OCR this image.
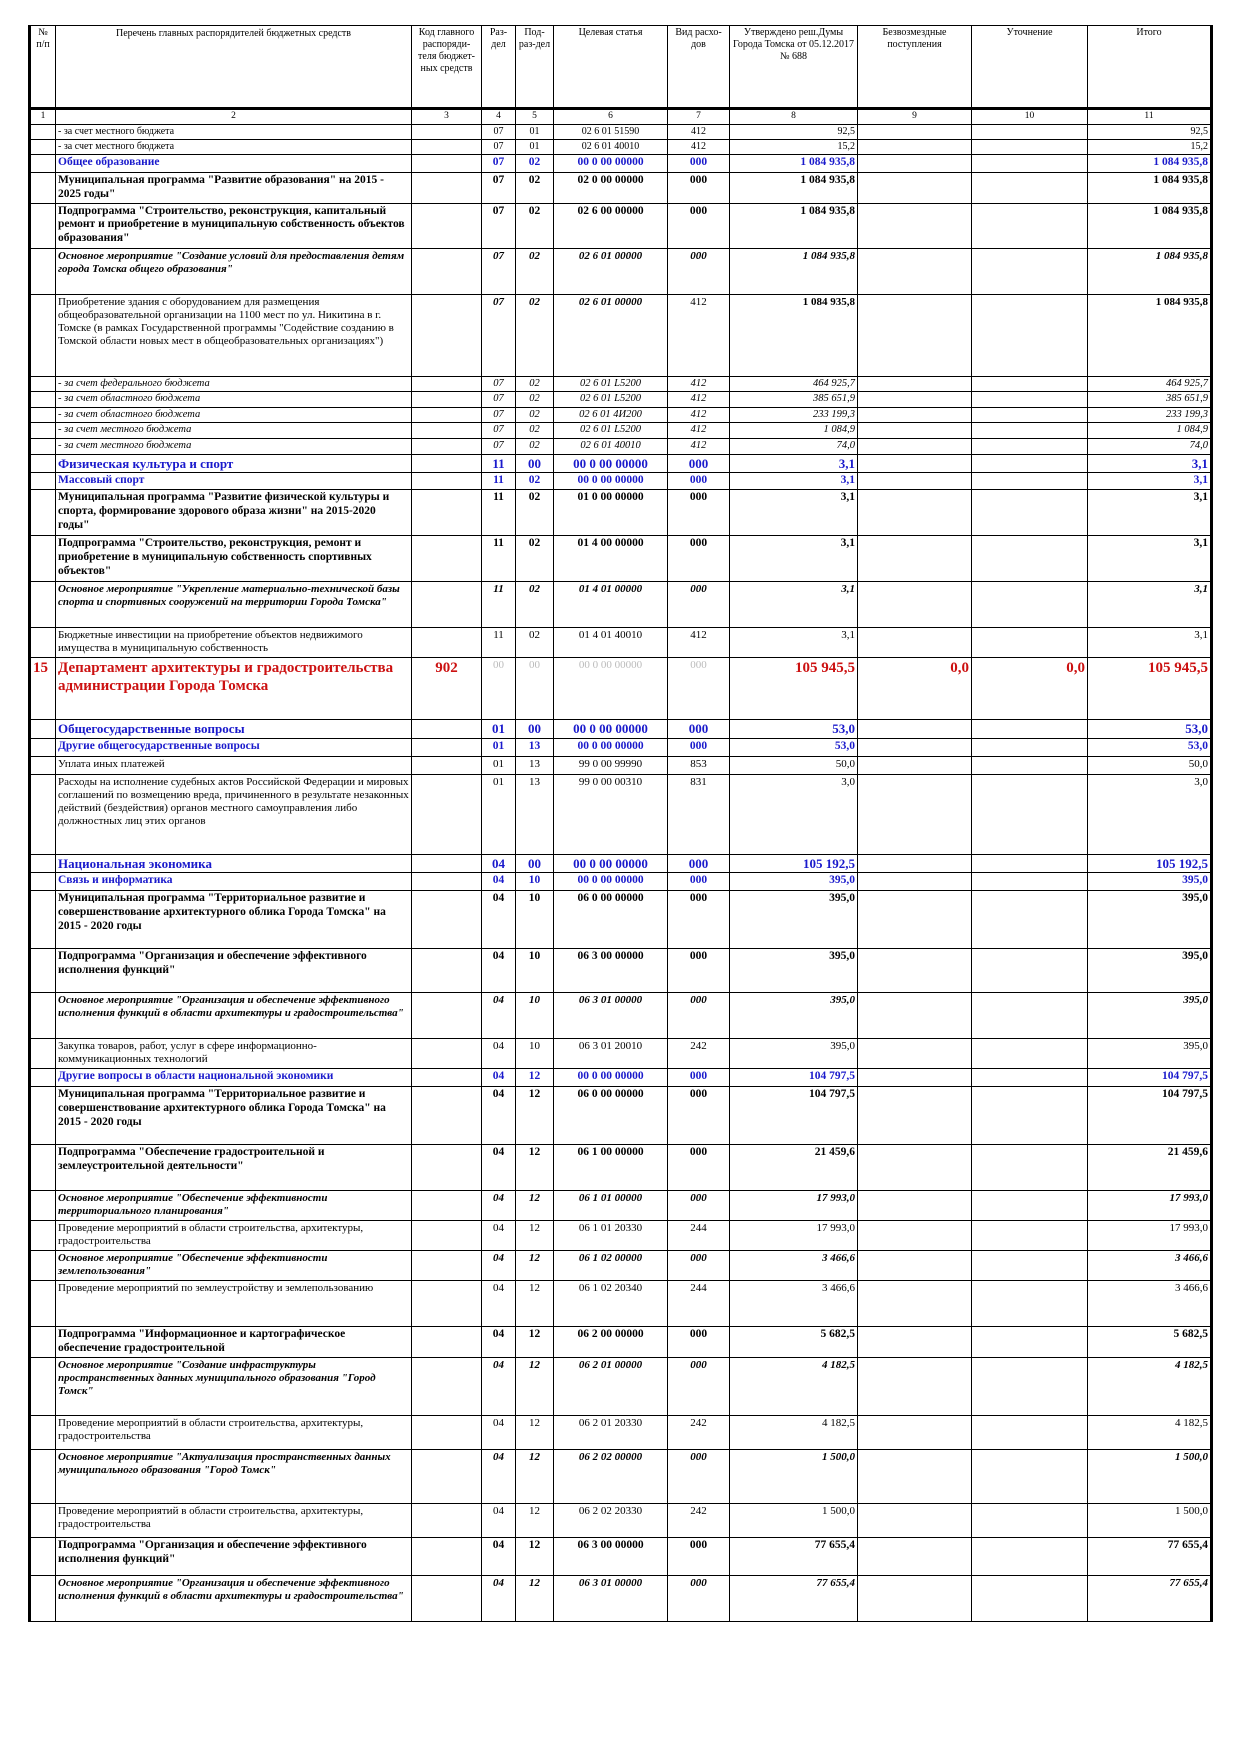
№ п/п	Перечень главных распорядителей бюджетных средств	Код главного распоряди-теля бюджет-ных средств	Раз-дел	Под-раз-дел	Целевая статья	Вид расхо-дов	Утверждено реш.Думы Города Томска от 05.12.2017 № 688	Безвозмездные поступления	Уточнение	Итого
1	2	3	4	5	6	7	8	9	10	11
	- за счет местного бюджета		07	01	02 6 01 51590	412	92,5			92,5
	- за счет местного бюджета		07	01	02 6 01 40010	412	15,2			15,2
	Общее образование		07	02	00 0 00 00000	000	1 084 935,8			1 084 935,8
	Муниципальная программа "Развитие образования" на 2015 - 2025 годы"		07	02	02 0 00 00000	000	1 084 935,8			1 084 935,8
	Подпрограмма "Строительство, реконструкция, капитальный ремонт и приобретение в муниципальную собственность объектов образования"		07	02	02 6 00 00000	000	1 084 935,8			1 084 935,8
	Основное мероприятие "Создание условий для предоставления детям города Томска общего образования"		07	02	02 6 01 00000	000	1 084 935,8			1 084 935,8
	Приобретение здания с оборудованием для размещения общеобразовательной организации на 1100 мест по ул. Никитина в г. Томске (в рамках Государственной программы "Содействие созданию в Томской области новых мест в общеобразовательных организациях")		07	02	02 6 01 00000	412	1 084 935,8			1 084 935,8
	- за счет федерального бюджета		07	02	02 6 01 L5200	412	464 925,7			464 925,7
	- за счет областного бюджета		07	02	02 6 01 L5200	412	385 651,9			385 651,9
	- за счет областного бюджета		07	02	02 6 01 4И200	412	233 199,3			233 199,3
	- за счет местного бюджета		07	02	02 6 01 L5200	412	1 084,9			1 084,9
	- за счет местного бюджета		07	02	02 6 01 40010	412	74,0			74,0
	Физическая культура и спорт		11	00	00 0 00 00000	000	3,1			3,1
	Массовый спорт		11	02	00 0 00 00000	000	3,1			3,1
	Муниципальная программа "Развитие физической культуры и спорта, формирование здорового образа жизни" на 2015-2020 годы"		11	02	01 0 00 00000	000	3,1			3,1
	Подпрограмма "Строительство, реконструкция, ремонт и приобретение в муниципальную собственность спортивных объектов"		11	02	01 4 00 00000	000	3,1			3,1
	Основное мероприятие "Укрепление материально-технической базы спорта и спортивных сооружений на территории Города Томска"		11	02	01 4 01 00000	000	3,1			3,1
	Бюджетные инвестиции на приобретение объектов недвижимого имущества в муниципальную собственность		11	02	01 4 01 40010	412	3,1			3,1
15	Департамент архитектуры и градостроительства администрации Города Томска	902	00	00	00 0 00 00000	000	105 945,5	0,0	0,0	105 945,5
	Общегосударственные вопросы		01	00	00 0 00 00000	000	53,0			53,0
	Другие общегосударственные вопросы		01	13	00 0 00 00000	000	53,0			53,0
	Уплата иных платежей		01	13	99 0 00 99990	853	50,0			50,0
	Расходы на исполнение судебных актов Российской Федерации и мировых соглашений по возмещению вреда, причиненного в результате незаконных действий (бездействия) органов местного самоуправления либо должностных лиц этих органов		01	13	99 0 00 00310	831	3,0			3,0
	Национальная экономика		04	00	00 0 00 00000	000	105 192,5			105 192,5
	Связь и информатика		04	10	00 0 00 00000	000	395,0			395,0
	Муниципальная программа "Территориальное развитие и совершенствование архитектурного облика Города Томска" на 2015 - 2020 годы		04	10	06 0 00 00000	000	395,0			395,0
	Подпрограмма "Организация и обеспечение эффективного исполнения функций"		04	10	06 3 00 00000	000	395,0			395,0
	Основное мероприятие "Организация и обеспечение эффективного исполнения функций в области архитектуры и градостроительства"		04	10	06 3 01 00000	000	395,0			395,0
	Закупка товаров, работ, услуг в сфере информационно-коммуникационных технологий		04	10	06 3 01 20010	242	395,0			395,0
	Другие вопросы в области национальной экономики		04	12	00 0 00 00000	000	104 797,5			104 797,5
	Муниципальная программа "Территориальное развитие и совершенствование архитектурного облика Города Томска" на 2015 - 2020 годы		04	12	06 0 00 00000	000	104 797,5			104 797,5
	Подпрограмма "Обеспечение градостроительной и землеустроительной деятельности"		04	12	06 1 00 00000	000	21 459,6			21 459,6
	Основное мероприятие "Обеспечение эффективности территориального планирования"		04	12	06 1 01 00000	000	17 993,0			17 993,0
	Проведение мероприятий в области строительства, архитектуры, градостроительства		04	12	06 1 01 20330	244	17 993,0			17 993,0
	Основное мероприятие "Обеспечение эффективности землепользования"		04	12	06 1 02 00000	000	3 466,6			3 466,6
	Проведение мероприятий по землеустройству и землепользованию		04	12	06 1 02 20340	244	3 466,6			3 466,6
	Подпрограмма "Информационное и картографическое обеспечение градостроительной		04	12	06 2 00 00000	000	5 682,5			5 682,5
	Основное мероприятие "Создание инфраструктуры пространственных данных муниципального образования "Город Томск"		04	12	06 2 01 00000	000	4 182,5			4 182,5
	Проведение мероприятий в области строительства, архитектуры, градостроительства		04	12	06 2 01 20330	242	4 182,5			4 182,5
	Основное мероприятие "Актуализация пространственных данных муниципального образования "Город Томск"		04	12	06 2 02 00000	000	1 500,0			1 500,0
	Проведение мероприятий в области строительства, архитектуры, градостроительства		04	12	06 2 02 20330	242	1 500,0			1 500,0
	Подпрограмма "Организация и обеспечение эффективного исполнения функций"		04	12	06 3 00 00000	000	77 655,4			77 655,4
	Основное мероприятие "Организация и обеспечение эффективного исполнения функций в области архитектуры и градостроительства"		04	12	06 3 01 00000	000	77 655,4			77 655,4
